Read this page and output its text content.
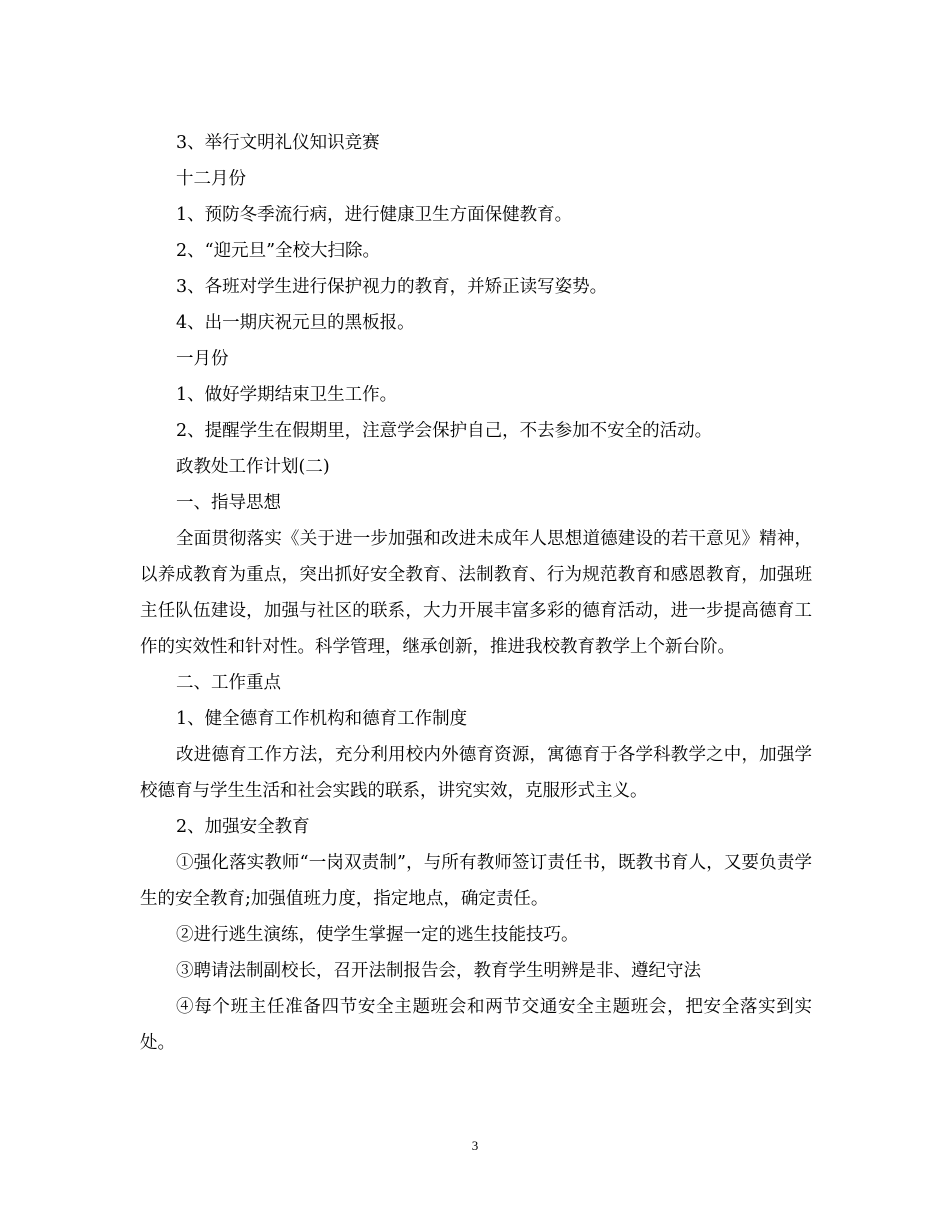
3、举行文明礼仪知识竞赛

十二月份

1、预防冬季流行病，进行健康卫生方面保健教育。

2、“迎元旦”全校大扫除。

3、各班对学生进行保护视力的教育，并矫正读写姿势。

4、出一期庆祝元旦的黑板报。

一月份

1、做好学期结束卫生工作。

2、提醒学生在假期里，注意学会保护自己，不去参加不安全的活动。

政教处工作计划(二)

一、指导思想

全面贯彻落实《关于进一步加强和改进未成年人思想道德建设的若干意见》精神，以养成教育为重点，突出抓好安全教育、法制教育、行为规范教育和感恩教育，加强班主任队伍建设，加强与社区的联系，大力开展丰富多彩的德育活动，进一步提高德育工作的实效性和针对性。科学管理，继承创新，推进我校教育教学上个新台阶。

二、工作重点

1、健全德育工作机构和德育工作制度

改进德育工作方法，充分利用校内外德育资源，寓德育于各学科教学之中，加强学校德育与学生生活和社会实践的联系，讲究实效，克服形式主义。

2、加强安全教育

①强化落实教师“一岗双责制”，与所有教师签订责任书，既教书育人，又要负责学生的安全教育;加强值班力度，指定地点，确定责任。

②进行逃生演练，使学生掌握一定的逃生技能技巧。

③聘请法制副校长，召开法制报告会，教育学生明辨是非、遵纪守法

④每个班主任准备四节安全主题班会和两节交通安全主题班会，把安全落实到实处。

3
